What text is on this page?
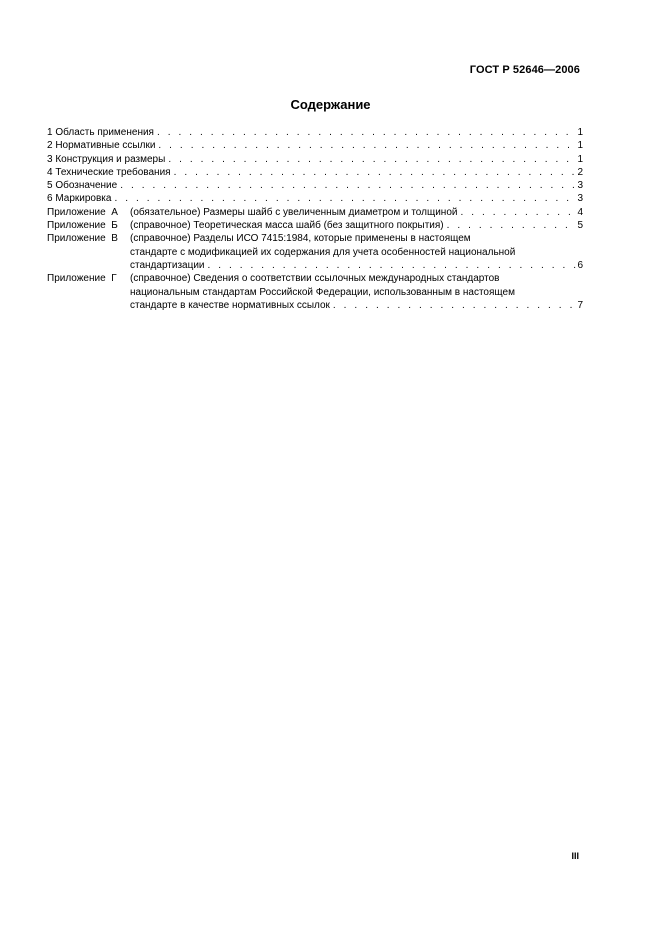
ГОСТ Р 52646—2006
Содержание
1 Область применения . . .	1
2 Нормативные ссылки . . .	1
3 Конструкция и размеры . . .	1
4 Технические требования . . .	2
5 Обозначение . . .	3
6 Маркировка . . .	3
Приложение  А (обязательное) Размеры шайб с увеличенным диаметром и толщиной . . .	4
Приложение  Б (справочное) Теоретическая масса шайб (без защитного покрытия) . . .	5
Приложение  В (справочное) Разделы ИСО 7415:1984, которые применены в настоящем
стандарте с модификацией их содержания для учета особенностей национальной
стандартизации . . .	6
Приложение  Г	(справочное) Сведения о соответствии ссылочных международных стандартов
национальным стандартам Российской Федерации, использованным в настоящем
стандарте в качестве нормативных ссылок . . .	7
III
